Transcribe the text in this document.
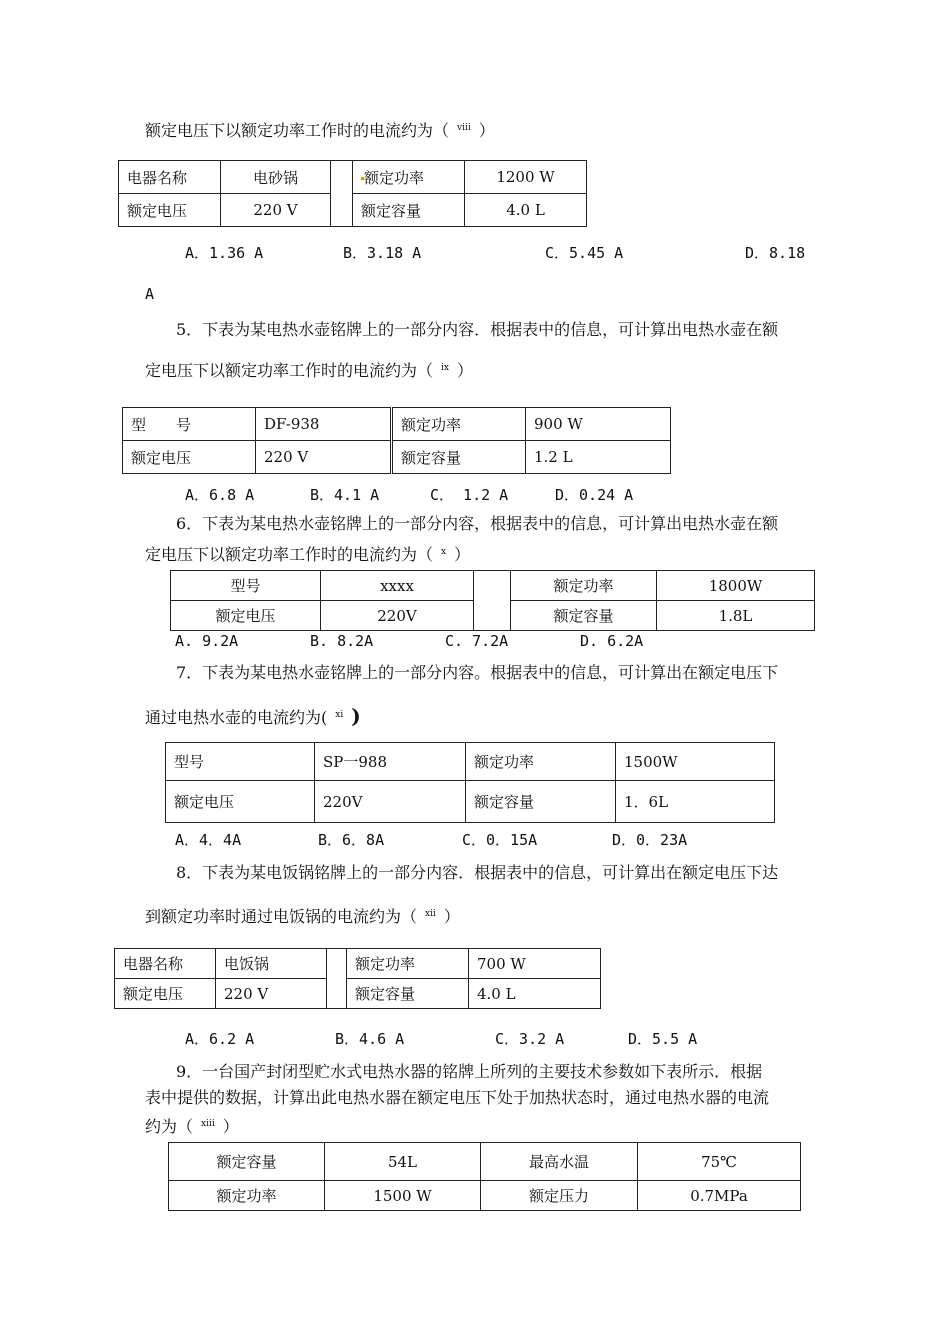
额定电压下以额定功率工作时的电流约为（ $^{viii}$ ）
电器名称	电砂锅		额定功率	1200 W
额定电压	220 V		额定容量	4.0 L
A．1.36 A	B．3.18 A	C．5.45 A	D．8.18
A
5．下表为某电热水壶铭牌上的一部分内容．根据表中的信息，可计算出电热水壶在额
定电压下以额定功率工作时的电流约为（ $^{ix}$ ）
型　　号	DF-938	额定功率	900 W
额定电压	220 V	额定容量	1.2 L
A．6.8 A	B．4.1 A	C． 1.2 A	D．0.24 A
6．下表为某电热水壶铭牌上的一部分内容，根据表中的信息，可计算出电热水壶在额
定电压下以额定功率工作时的电流约为（ $^x$ ）
型号	xxxx		额定功率	1800W
额定电压	220V		额定容量	1.8L
A. 9.2A	B. 8.2A	C. 7.2A	D. 6.2A
7．下表为某电热水壶铭牌上的一部分内容。根据表中的信息，可计算出在额定电压下
通过电热水壶的电流约为( $^{xi}$ )
型号	SP一988	额定功率	1500W
额定电压	220V	额定容量	1．6L
A．4．4A	B．6．8A	C．0．15A	D．0．23A
8．下表为某电饭锅铭牌上的一部分内容．根据表中的信息，可计算出在额定电压下达
到额定功率时通过电饭锅的电流约为（ $^{xii}$ ）
电器名称	电饭锅		额定功率	700 W
额定电压	220 V		额定容量	4.0 L
A．6.2 A	B．4.6 A	C．3.2 A	D．5.5 A
9．一台国产封闭型贮水式电热水器的铭牌上所列的主要技术参数如下表所示．根据
表中提供的数据，计算出此电热水器在额定电压下处于加热状态时，通过电热水器的电流
约为（ $^{xiii}$ ）
额定容量	54L	最高水温	75℃
额定功率	1500 W	额定压力	0.7MPa
